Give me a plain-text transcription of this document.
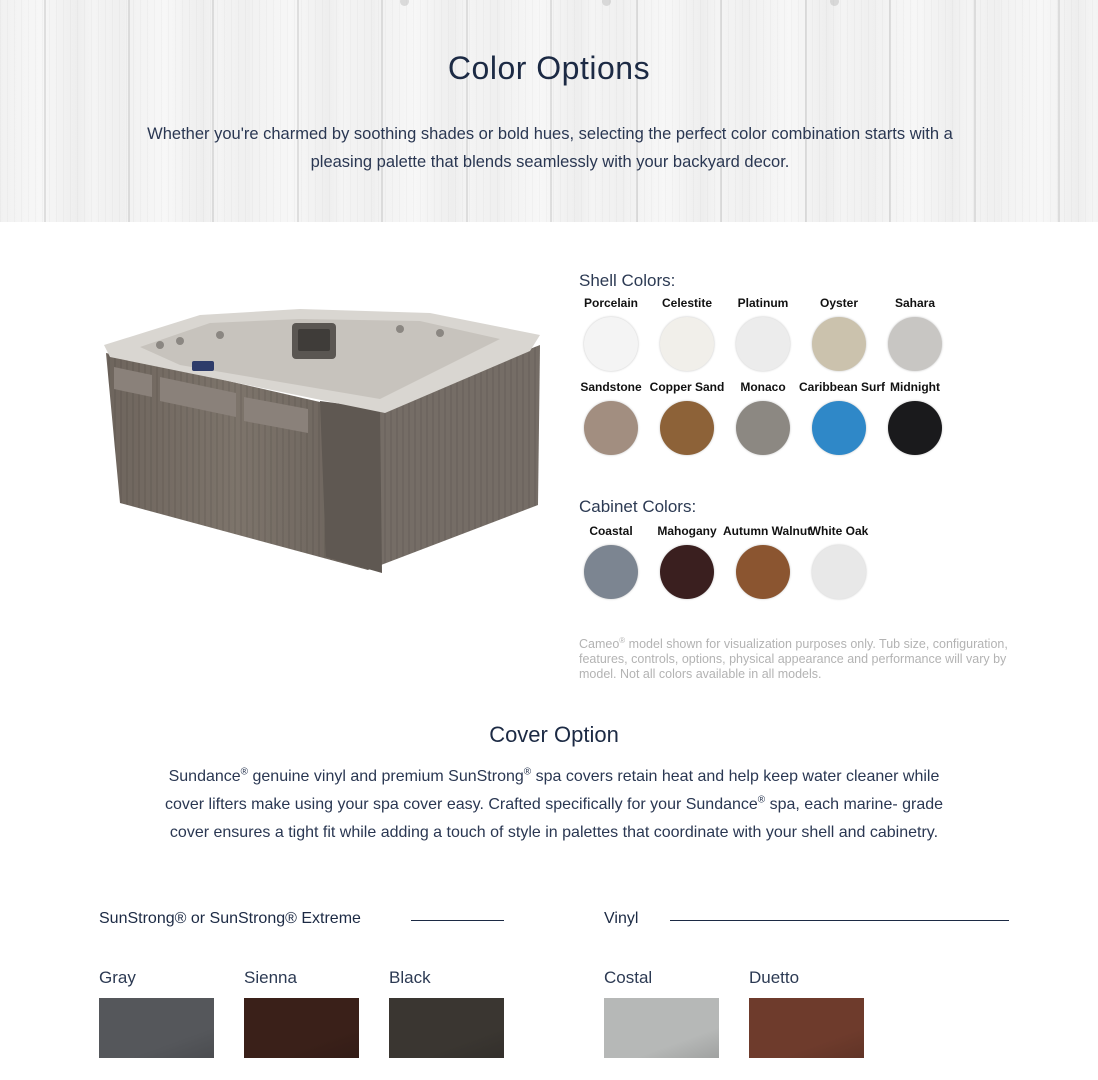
Color Options
Whether you're charmed by soothing shades or bold hues, selecting the perfect color combination starts with a pleasing palette that blends seamlessly with your backyard decor.
Shell Colors:
Porcelain	Celestite	Platinum	Oyster	Sahara
Sandstone Copper Sand	Monaco	Caribbean Surf Midnight
Cabinet Colors:
Coastal	Mahogany Autumn Walnut
White Oak
Cameo® model shown for visualization purposes only. Tub size, configuration, features, controls, options, physical appearance and performance will vary by model. Not all colors available in all models.
Cover Option
Sundance® genuine vinyl and premium SunStrong® spa covers retain heat and help keep water cleaner while cover lifters make using your spa cover easy. Crafted specifically for your Sundance® spa, each marine- grade cover ensures a tight fit while adding a touch of style in palettes that coordinate with your shell and cabinetry.
SunStrong® or SunStrong® Extreme	Vinyl
Gray	Sienna	Black	Costal	Duetto
